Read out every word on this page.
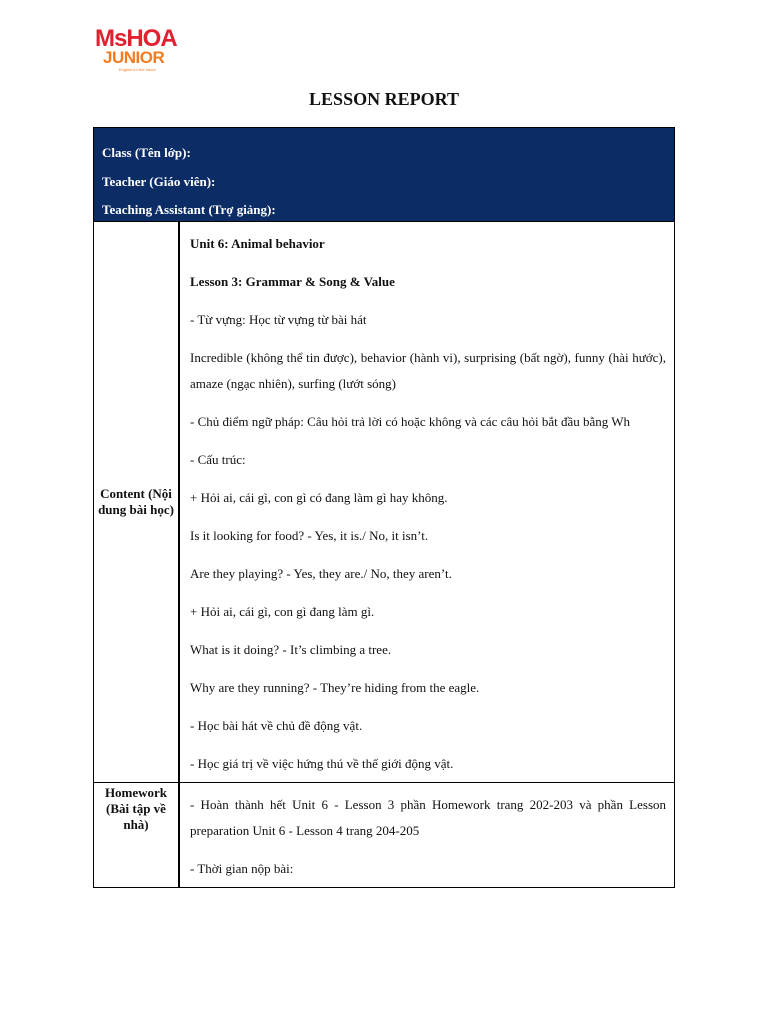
MsHOA
JUNIOR
English for the future
LESSON REPORT
Class (Tên lớp):
Teacher (Giáo viên):
Teaching Assistant (Trợ giảng):
Content (Nội dung bài học)

Unit 6: Animal behavior

Lesson 3: Grammar & Song & Value

- Từ vựng: Học từ vựng từ bài hát

Incredible (không thể tin được), behavior (hành vi), surprising (bất ngờ), funny (hài hước), amaze (ngạc nhiên), surfing (lướt sóng)

- Chủ điểm ngữ pháp: Câu hỏi trả lời có hoặc không và các câu hỏi bắt đầu bằng Wh

- Cấu trúc:

+ Hỏi ai, cái gì, con gì có đang làm gì hay không.

Is it looking for food? - Yes, it is./ No, it isn’t.

Are they playing? - Yes, they are./ No, they aren’t.

+ Hỏi ai, cái gì, con gì đang làm gì.

What is it doing? - It’s climbing a tree.

Why are they running? - They’re hiding from the eagle.

- Học bài hát về chủ đề động vật.

- Học giá trị về việc hứng thú về thế giới động vật.

Homework (Bài tập về nhà)

- Hoàn thành hết Unit 6 - Lesson 3 phần Homework trang 202-203 và phần Lesson preparation Unit 6 - Lesson 4 trang 204-205

- Thời gian nộp bài:
